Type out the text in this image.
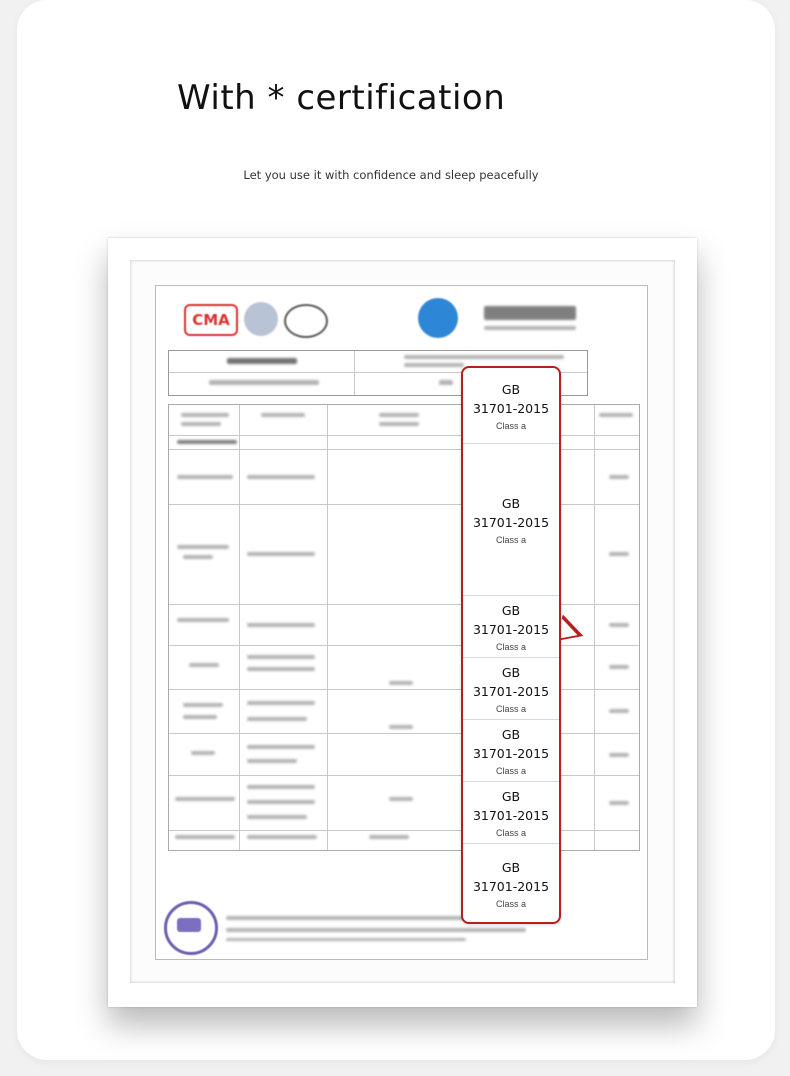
With * certification
Let you use it with confidence and sleep peacefully
CMA
GB
31701-2015
Class a
GB
31701-2015
Class a
GB
31701-2015
Class a
GB
31701-2015
Class a
GB
31701-2015
Class a
GB
31701-2015
Class a
GB
31701-2015
Class a
